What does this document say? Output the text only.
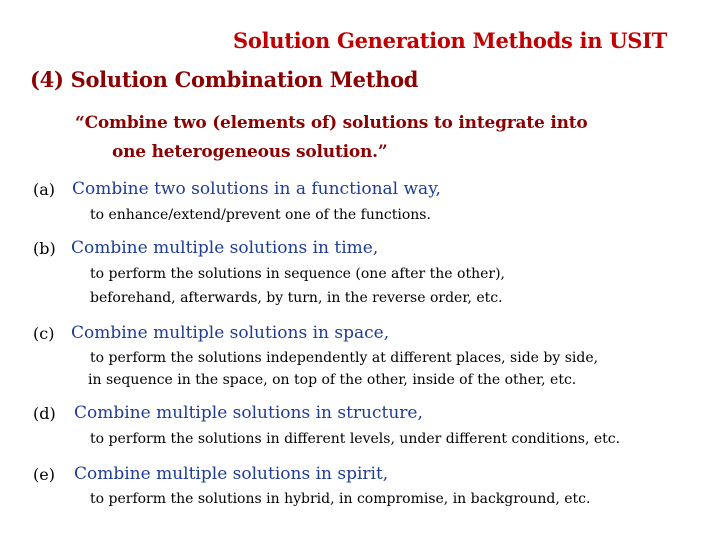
Solution Generation Methods in USIT
(4) Solution Combination Method
“Combine two (elements of) solutions to integrate into
one heterogeneous solution.”
(a) Combine two solutions in a functional way,
to enhance/extend/prevent one of the functions.
(b) Combine multiple solutions in time,
to perform the solutions in sequence (one after the other),
beforehand, afterwards, by turn, in the reverse order, etc.
(c) Combine multiple solutions in space,
to perform the solutions independently at different places, side by side,
in sequence in the space, on top of the other, inside of the other, etc.
(d) Combine multiple solutions in structure,
to perform the solutions in different levels, under different conditions, etc.
(e) Combine multiple solutions in spirit,
to perform the solutions in hybrid, in compromise, in background, etc.
